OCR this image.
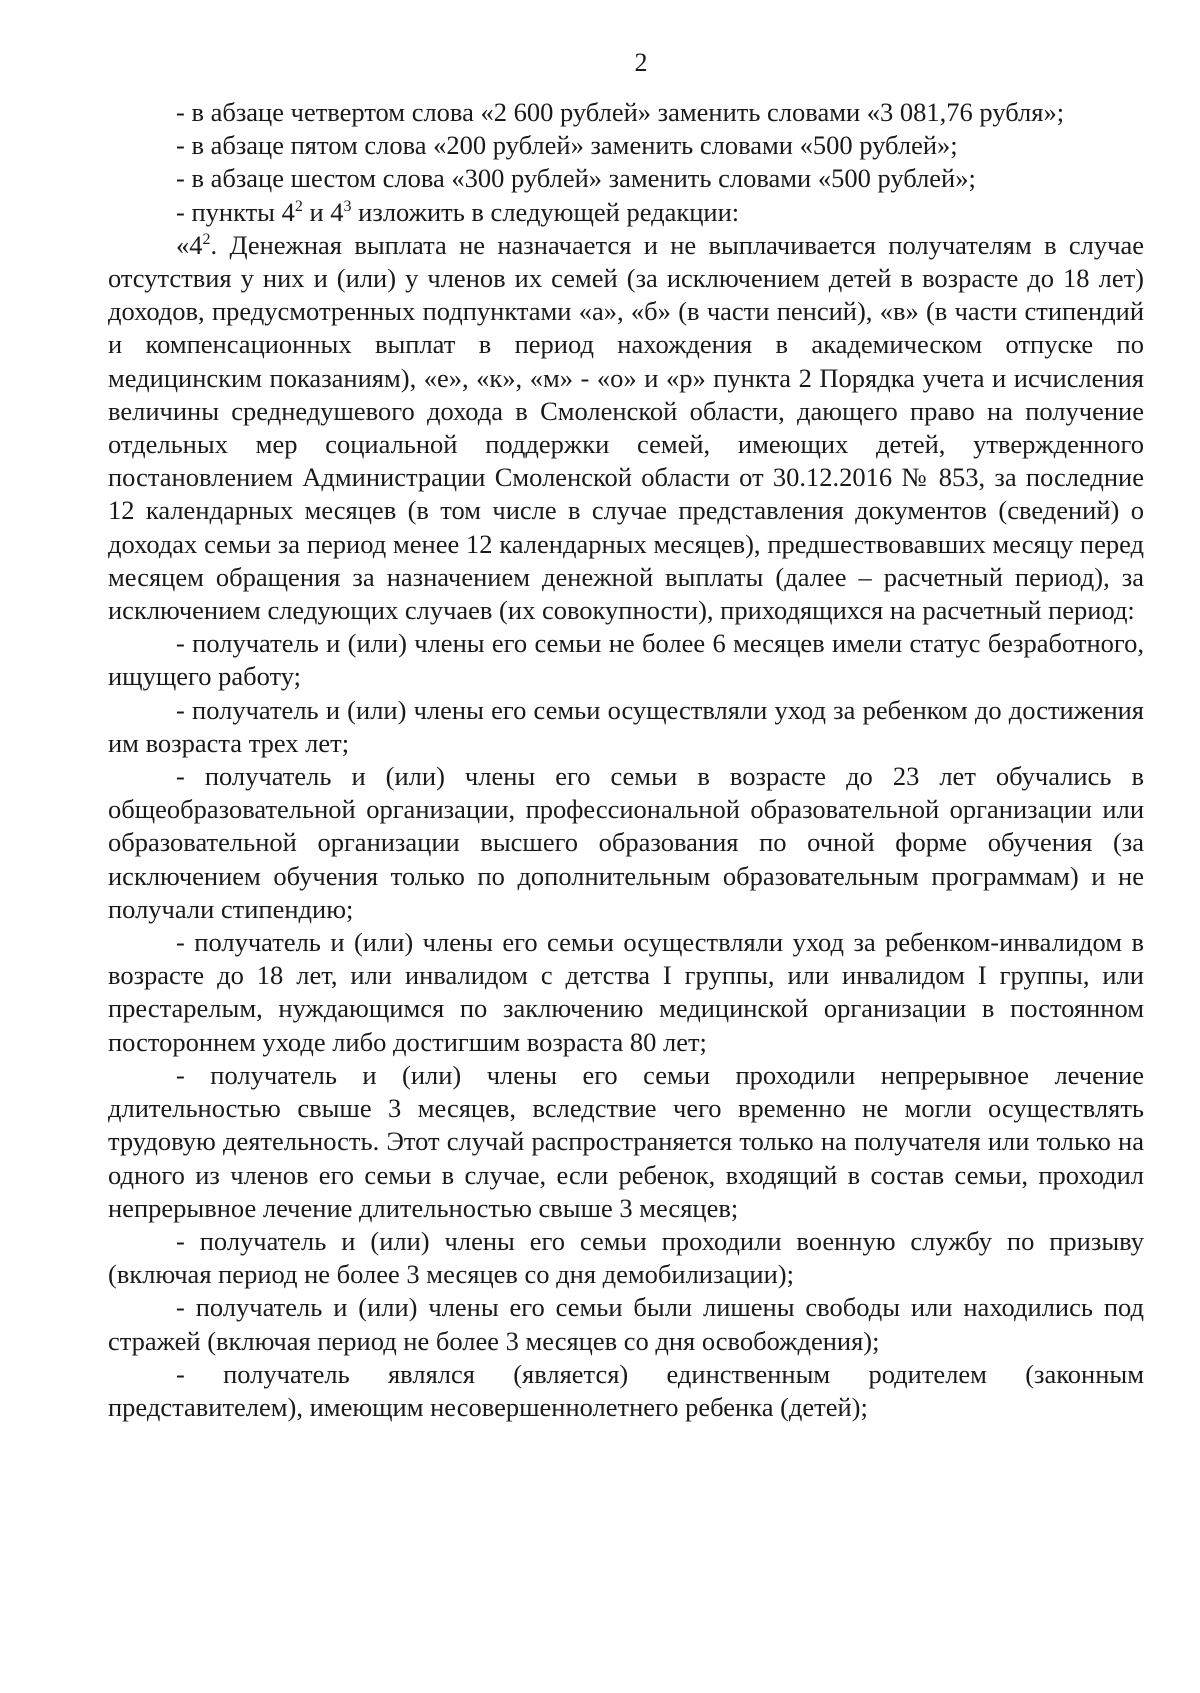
2

- в абзаце четвертом слова «2 600 рублей» заменить словами «3 081,76 рубля»;

- в абзаце пятом слова «200 рублей» заменить словами «500 рублей»;

- в абзаце шестом слова «300 рублей» заменить словами «500 рублей»;

- пункты $4^2$ и $4^3$ изложить в следующей редакции:

«$4^2$. Денежная выплата не назначается и не выплачивается получателям в случае отсутствия у них и (или) у членов их семей (за исключением детей в возрасте до 18 лет) доходов, предусмотренных подпунктами «а», «б» (в части пенсий), «в» (в части стипендий и компенсационных выплат в период нахождения в академическом отпуске по медицинским показаниям), «е», «к», «м» - «о» и «р» пункта 2 Порядка учета и исчисления величины среднедушевого дохода в Смоленской области, дающего право на получение отдельных мер социальной поддержки семей, имеющих детей, утвержденного постановлением Администрации Смоленской области от 30.12.2016 № 853, за последние 12 календарных месяцев (в том числе в случае представления документов (сведений) о доходах семьи за период менее 12 календарных месяцев), предшествовавших месяцу перед месяцем обращения за назначением денежной выплаты (далее – расчетный период), за исключением следующих случаев (их совокупности), приходящихся на расчетный период:

- получатель и (или) члены его семьи не более 6 месяцев имели статус безработного, ищущего работу;

- получатель и (или) члены его семьи осуществляли уход за ребенком до достижения им возраста трех лет;

- получатель и (или) члены его семьи в возрасте до 23 лет обучались в общеобразовательной организации, профессиональной образовательной организации или образовательной организации высшего образования по очной форме обучения (за исключением обучения только по дополнительным образовательным программам) и не получали стипендию;

- получатель и (или) члены его семьи осуществляли уход за ребенком-инвалидом в возрасте до 18 лет, или инвалидом с детства I группы, или инвалидом I группы, или престарелым, нуждающимся по заключению медицинской организации в постоянном постороннем уходе либо достигшим возраста 80 лет;

- получатель и (или) члены его семьи проходили непрерывное лечение длительностью свыше 3 месяцев, вследствие чего временно не могли осуществлять трудовую деятельность. Этот случай распространяется только на получателя или только на одного из членов его семьи в случае, если ребенок, входящий в состав семьи, проходил непрерывное лечение длительностью свыше 3 месяцев;

- получатель и (или) члены его семьи проходили военную службу по призыву (включая период не более 3 месяцев со дня демобилизации);

- получатель и (или) члены его семьи были лишены свободы или находились под стражей (включая период не более 3 месяцев со дня освобождения);

- получатель являлся (является) единственным родителем (законным представителем), имеющим несовершеннолетнего ребенка (детей);
